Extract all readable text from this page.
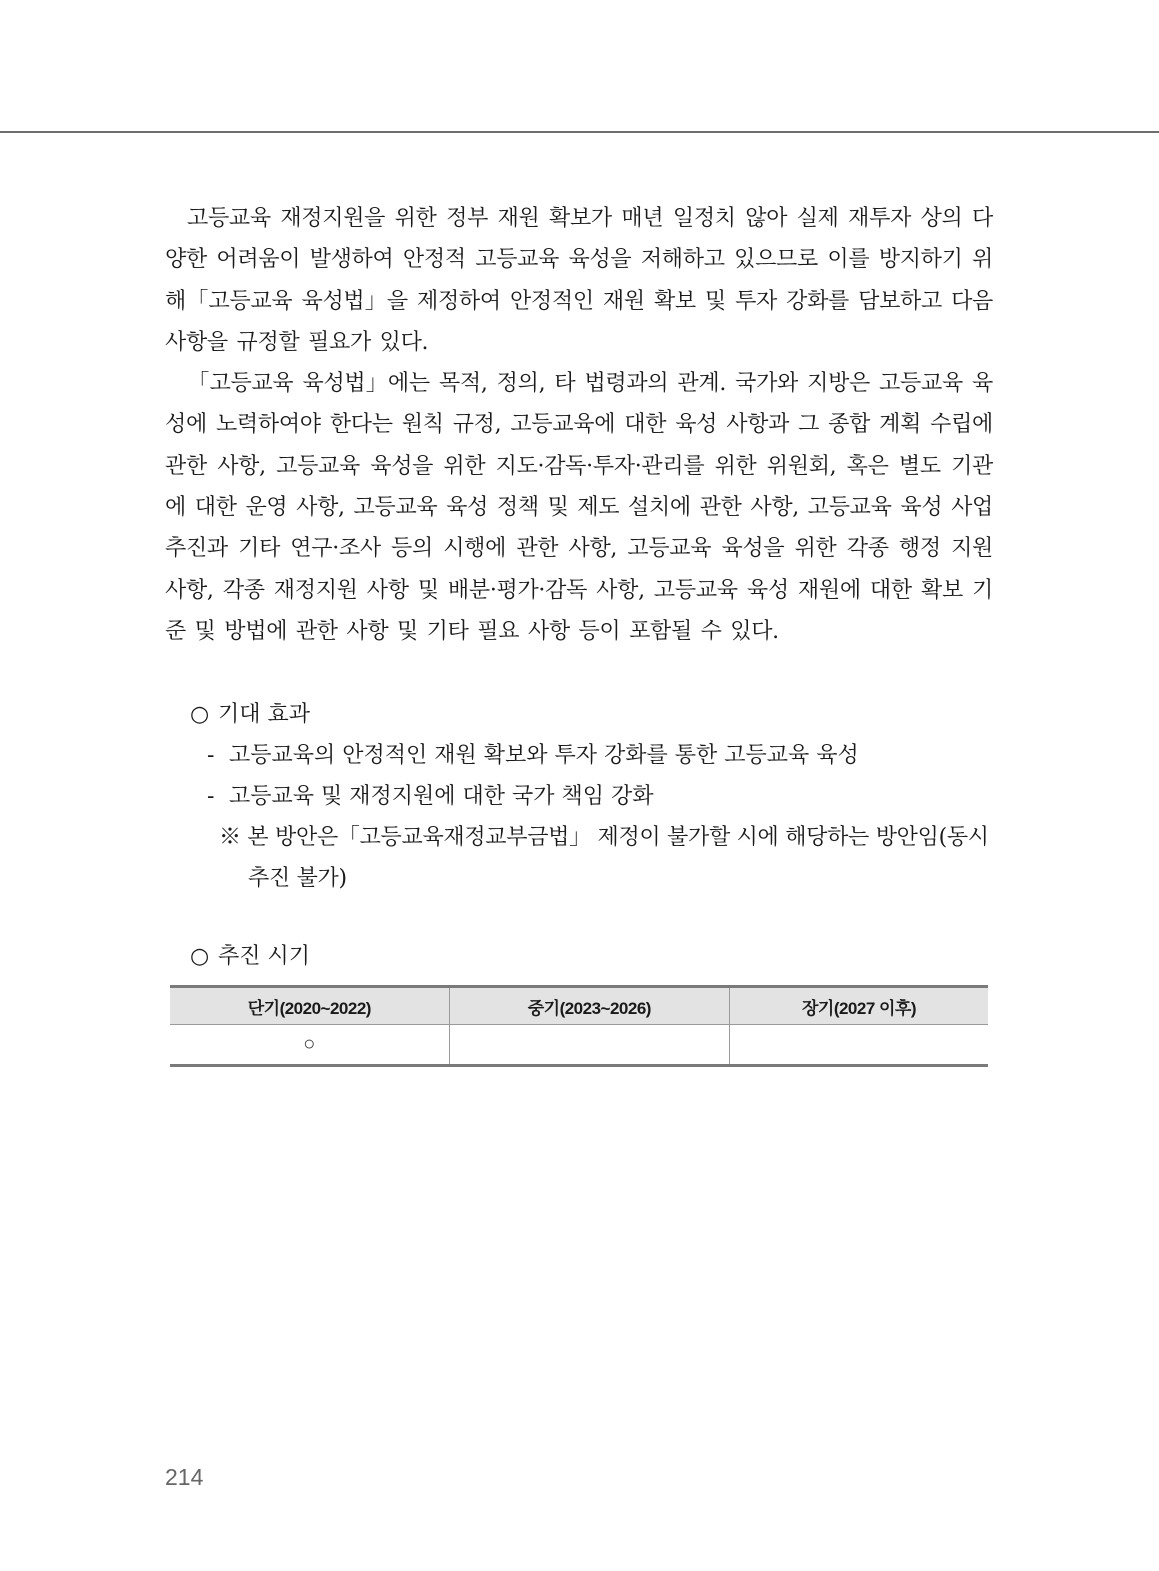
고등교육 재정지원을 위한 정부 재원 확보가 매년 일정치 않아 실제 재투자 상의 다양한 어려움이 발생하여 안정적 고등교육 육성을 저해하고 있으므로 이를 방지하기 위해「고등교육 육성법」을 제정하여 안정적인 재원 확보 및 투자 강화를 담보하고 다음 사항을 규정할 필요가 있다.

「고등교육 육성법」에는 목적, 정의, 타 법령과의 관계. 국가와 지방은 고등교육 육성에 노력하여야 한다는 원칙 규정, 고등교육에 대한 육성 사항과 그 종합 계획 수립에 관한 사항, 고등교육 육성을 위한 지도·감독·투자·관리를 위한 위원회, 혹은 별도 기관에 대한 운영 사항, 고등교육 육성 정책 및 제도 설치에 관한 사항, 고등교육 육성 사업 추진과 기타 연구·조사 등의 시행에 관한 사항, 고등교육 육성을 위한 각종 행정 지원 사항, 각종 재정지원 사항 및 배분·평가·감독 사항, 고등교육 육성 재원에 대한 확보 기준 및 방법에 관한 사항 및 기타 필요 사항 등이 포함될 수 있다.

○ 기대 효과
- 고등교육의 안정적인 재원 확보와 투자 강화를 통한 고등교육 육성
- 고등교육 및 재정지원에 대한 국가 책임 강화
※ 본 방안은「고등교육재정교부금법」 제정이 불가할 시에 해당하는 방안임(동시 추진 불가)
○ 추진 시기
단기(2020~2022)	중기(2023~2026)	장기(2027 이후)
○		
214
